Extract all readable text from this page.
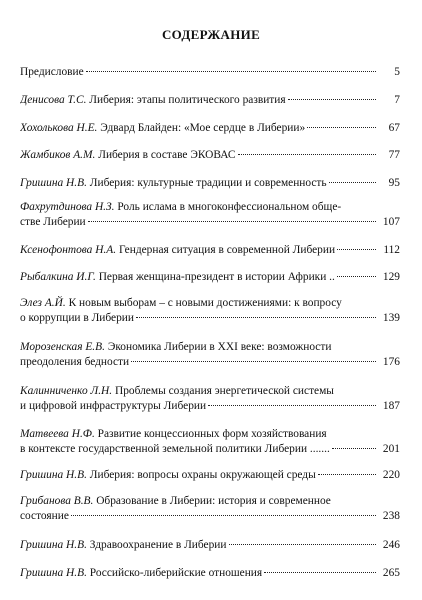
СОДЕРЖАНИЕ
Предисловие	5
Денисова Т.С. Либерия: этапы политического развития	7
Хохолькова Н.Е. Эдвард Блайден: «Мое сердце в Либерии»	67
Жамбиков А.М. Либерия в составе ЭКОВАС	77
Гришина Н.В. Либерия: культурные традиции и современность	95
Фахрутдинова Н.З. Роль ислама в многоконфессиональном обще-
стве Либерии	107
Ксенофонтова Н.А. Гендерная ситуация в современной Либерии	112
Рыбалкина И.Г. Первая женщина-президент в истории Африки ..	129
Элез А.Й. К новым выборам – с новыми достижениями: к вопросу
о коррупции в Либерии	139
Морозенская Е.В. Экономика Либерии в XXI веке: возможности
преодоления бедности	176
Калинниченко Л.Н. Проблемы создания энергетической системы
и цифровой инфраструктуры Либерии	187
Матвеева Н.Ф. Развитие концессионных форм хозяйствования
в контексте государственной земельной политики Либерии .......	201
Гришина Н.В. Либерия: вопросы охраны окружающей среды	220
Грибанова В.В. Образование в Либерии: история и современное
состояние	238
Гришина Н.В. Здравоохранение в Либерии	246
Гришина Н.В. Российско-либерийские отношения	265
